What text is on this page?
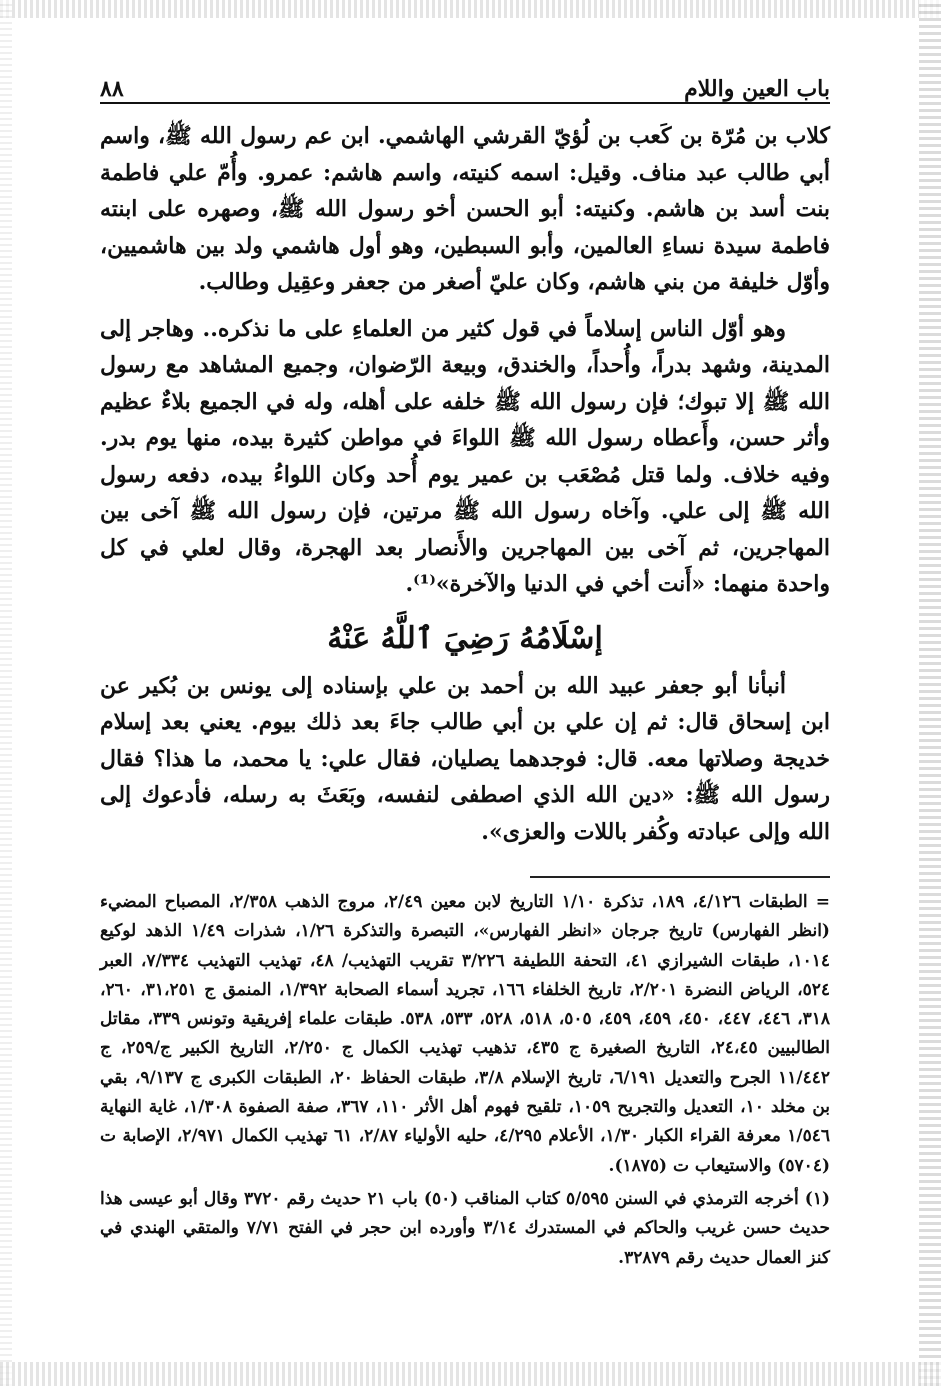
باب العين واللام
٨٨

كلاب بن مُرّة بن كَعب بن لُؤيّ القرشي الهاشمي. ابن عم رسول الله ﷺ، واسم أبي طالب عبد مناف. وقيل: اسمه كنيته، واسم هاشم: عمرو. وأُمّ علي فاطمة بنت أسد بن هاشم. وكنيته: أبو الحسن أخو رسول الله ﷺ، وصهره على ابنته فاطمة سيدة نساءِ العالمين، وأبو السبطين، وهو أول هاشمي ولد بين هاشميين، وأوّل خليفة من بني هاشم، وكان عليّ أصغر من جعفر وعقِيل وطالب.

وهو أوّل الناس إسلاماً في قول كثير من العلماءِ على ما نذكره.. وهاجر إلى المدينة، وشهد بدراً، وأُحداً، والخندق، وبيعة الرّضوان، وجميع المشاهد مع رسول الله ﷺ إلا تبوك؛ فإن رسول الله ﷺ خلفه على أهله، وله في الجميع بلاءٌ عظيم وأثر حسن، وأَعطاه رسول الله ﷺ اللواءَ في مواطن كثيرة بيده، منها يوم بدر. وفيه خلاف. ولما قتل مُصْعَب بن عمير يوم أُحد وكان اللواءُ بيده، دفعه رسول الله ﷺ إلى علي. وآخاه رسول الله ﷺ مرتين، فإن رسول الله ﷺ آخى بين المهاجرين، ثم آخى بين المهاجرين والأَنصار بعد الهجرة، وقال لعلي في كل واحدة منهما: «أَنت أخي في الدنيا والآخرة»⁽¹⁾.

إسْلَامُهُ رَضِيَ ٱللَّهُ عَنْهُ

أنبأنا أبو جعفر عبيد الله بن أحمد بن علي بإسناده إلى يونس بن بُكير عن ابن إسحاق قال: ثم إن علي بن أبي طالب جاءَ بعد ذلك بيوم. يعني بعد إسلام خديجة وصلاتها معه. قال: فوجدهما يصليان، فقال علي: يا محمد، ما هذا؟ فقال رسول الله ﷺ: «دين الله الذي اصطفى لنفسه، وبَعَثَ به رسله، فأدعوك إلى الله وإلى عبادته وكُفر باللات والعزى».

= الطبقات ٤/١٢٦، ١٨٩، تذكرة ١/١٠ التاريخ لابن معين ٢/٤٩، مروج الذهب ٢/٣٥٨، المصباح المضيء (انظر الفهارس) تاريخ جرجان «انظر الفهارس»، التبصرة والتذكرة ١/٢٦، شذرات ١/٤٩ الذهد لوكيع ١٠١٤، طبقات الشيرازي ٤١، التحفة اللطيفة ٣/٢٢٦ تقريب التهذيب/ ٤٨، تهذيب التهذيب ٧/٣٣٤، العبر ٥٢٤، الرياض النضرة ٢/٢٠١، تاريخ الخلفاء ١٦٦، تجريد أسماء الصحابة ١/٣٩٢، المنمق ج ٣١،٢٥١، ٢٦٠، ٣١٨، ٤٤٦، ٤٤٧، ٤٥٠، ٤٥٩، ٤٥٩، ٥٠٥، ٥١٨، ٥٢٨، ٥٣٣، ٥٣٨. طبقات علماء إفريقية وتونس ٣٣٩، مقاتل الطالبيين ٢٤،٤٥، التاريخ الصغيرة ج ٤٣٥، تذهيب تهذيب الكمال ج ٢/٢٥٠، التاريخ الكبير ج/٢٥٩، ج ١١/٤٤٢ الجرح والتعديل ٦/١٩١، تاريخ الإسلام ٣/٨، طبقات الحفاظ ٢٠، الطبقات الكبرى ج ٩/١٣٧، بقي بن مخلد ١٠، التعديل والتجريح ١٠٥٩، تلقيح فهوم أهل الأثر ١١٠، ٣٦٧، صفة الصفوة ١/٣٠٨، غاية النهاية ١/٥٤٦ معرفة القراء الكبار ١/٣٠، الأعلام ٤/٢٩٥، حليه الأولياء ٢/٨٧، ٦١ تهذيب الكمال ٢/٩٧١، الإصابة ت (٥٧٠٤) والاستيعاب ت (١٨٧٥).

(١)أخرجه الترمذي في السنن ٥/٥٩٥ كتاب المناقب (٥٠) باب ٢١ حديث رقم ٣٧٢٠ وقال أبو عيسى هذا حديث حسن غريب والحاكم في المستدرك ٣/١٤ وأورده ابن حجر في الفتح ٧/٧١ والمتقي الهندي في كنز العمال حديث رقم ٣٢٨٧٩.
